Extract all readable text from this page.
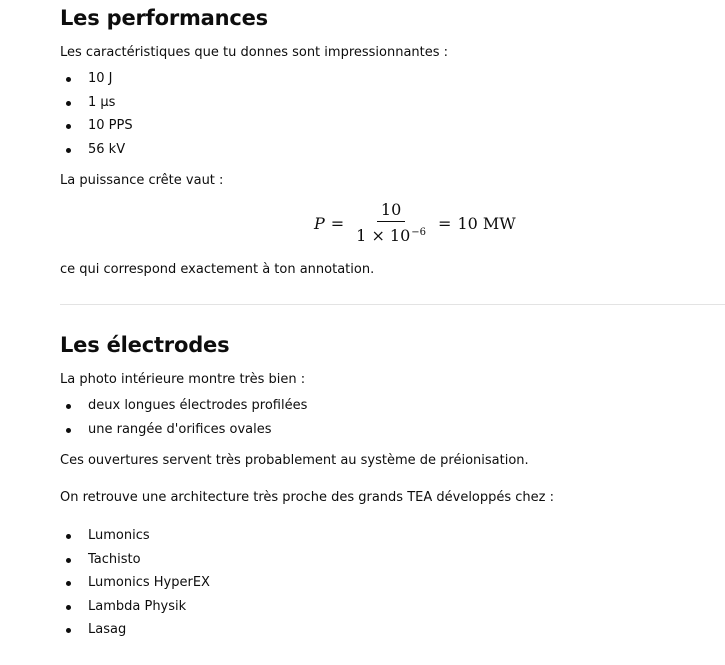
Les performances

Les caractéristiques que tu donnes sont impressionnantes :

10 J
1 µs
10 PPS
56 kV

La puissance crête vaut :

$P = \frac{10}{1 \times 10^{-6}} = 10$ MW

ce qui correspond exactement à ton annotation.

Les électrodes

La photo intérieure montre très bien :

deux longues électrodes profilées
une rangée d'orifices ovales

Ces ouvertures servent très probablement au système de préionisation.

On retrouve une architecture très proche des grands TEA développés chez :

Lumonics
Tachisto
Lumonics HyperEX
Lambda Physik
Lasag
